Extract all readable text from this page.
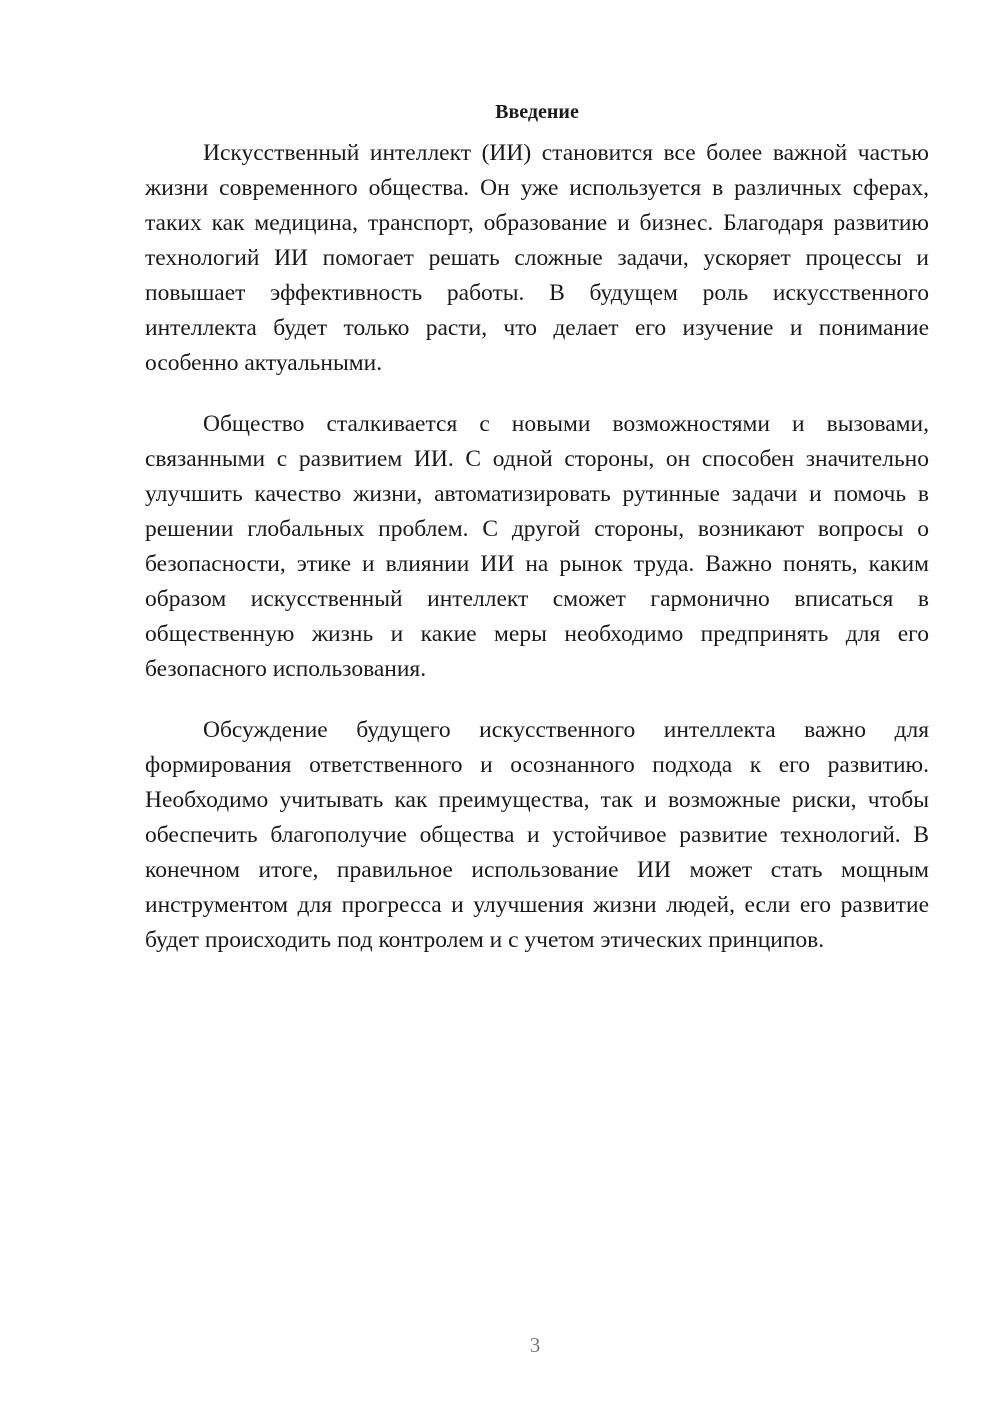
Введение

Искусственный интеллект (ИИ) становится все более важной частью жизни современного общества. Он уже используется в различных сферах, таких как медицина, транспорт, образование и бизнес. Благодаря развитию технологий ИИ помогает решать сложные задачи, ускоряет процессы и повышает эффективность работы. В будущем роль искусственного интеллекта будет только расти, что делает его изучение и понимание особенно актуальными.

Общество сталкивается с новыми возможностями и вызовами, связанными с развитием ИИ. С одной стороны, он способен значительно улучшить качество жизни, автоматизировать рутинные задачи и помочь в решении глобальных проблем. С другой стороны, возникают вопросы о безопасности, этике и влиянии ИИ на рынок труда. Важно понять, каким образом искусственный интеллект сможет гармонично вписаться в общественную жизнь и какие меры необходимо предпринять для его безопасного использования.

Обсуждение будущего искусственного интеллекта важно для формирования ответственного и осознанного подхода к его развитию. Необходимо учитывать как преимущества, так и возможные риски, чтобы обеспечить благополучие общества и устойчивое развитие технологий. В конечном итоге, правильное использование ИИ может стать мощным инструментом для прогресса и улучшения жизни людей, если его развитие будет происходить под контролем и с учетом этических принципов.

3
